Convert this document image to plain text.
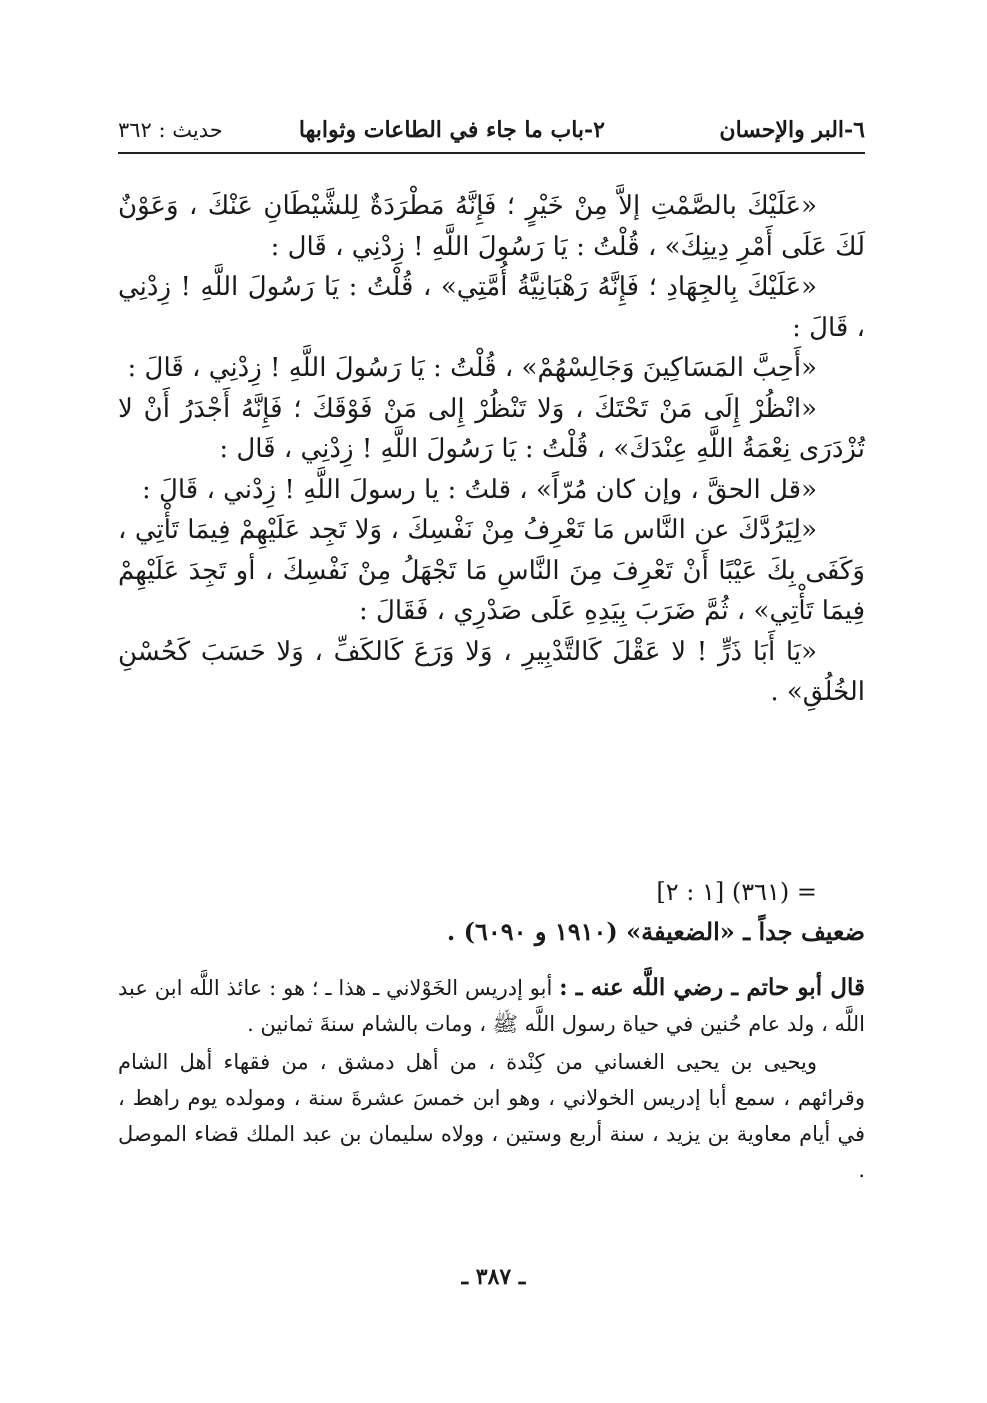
٦-البر والإحسان
٢-باب ما جاء في الطاعات وثوابها
حديث : ٣٦٢

«عَلَيْكَ بالصَّمْتِ إلاَّ مِنْ خَيْرٍ ؛ فَإِنَّهُ مَطْرَدَةٌ لِلشَّيْطَانِ عَنْكَ ، وَعَوْنٌ لَكَ عَلَى أَمْرِ دِينِكَ» ، قُلْتُ : يَا رَسُولَ اللَّهِ ! زِدْنِي ، قَال :

«عَلَيْكَ بِالجِهَادِ ؛ فَإِنَّهُ رَهْبَانِيَّةُ أُمَّتِي» ، قُلْتُ : يَا رَسُولَ اللَّهِ ! زِدْنِي ، قَالَ :

«أَحِبَّ المَسَاكِينَ وَجَالِسْهُمْ» ، قُلْتُ : يَا رَسُولَ اللَّهِ ! زِدْنِي ، قَالَ :

«انْظُرْ إِلَى مَنْ تَحْتَكَ ، وَلا تَنْظُرْ إِلى مَنْ فَوْقَكَ ؛ فَإِنَّهُ أَجْدَرُ أَنْ لا تُزْدَرَى نِعْمَةُ اللَّهِ عِنْدَكَ» ، قُلْتُ : يَا رَسُولَ اللَّهِ ! زِدْنِي ، قَال :

«قل الحقَّ ، وإن كان مُرّاً» ، قلتُ : يا رسولَ اللَّهِ ! زِدْني ، قَالَ :

«لِيَرُدَّكَ عن النَّاس مَا تَعْرِفُ مِنْ نَفْسِكَ ، وَلا تَجِد عَلَيْهِمْ فِيمَا تَأْتِي ، وَكَفَى بِكَ عَيْبًا أَنْ تَعْرِفَ مِنَ النَّاسِ مَا تَجْهَلُ مِنْ نَفْسِكَ ، أو تَجِدَ عَلَيْهِمْ فِيمَا تَأْتِي» ، ثُمَّ ضَرَبَ بِيَدِهِ عَلَى صَدْرِي ، فَقَالَ :

«يَا أَبَا ذَرٍّ ! لا عَقْلَ كَالتَّدْبِيرِ ، وَلا وَرَعَ كَالكَفِّ ، وَلا حَسَبَ كَحُسْنِ الخُلُقِ» .

= (٣٦١) [١ : ٢]

ضعيف جداً ـ «الضعيفة» (١٩١٠ و ٦٠٩٠) .

قال أبو حاتم ـ رضي اللَّه عنه ـ : أبو إدريس الخَوْلاني ـ هذا ـ ؛ هو : عائذ اللَّه ابن عبد اللَّه ، ولد عام حُنين في حياة رسول اللَّه ﷺ ، ومات بالشام سنةَ ثمانين .

ويحيى بن يحيى الغساني من كِنْدة ، من أهل دمشق ، من فقهاء أهل الشام وقرائهم ، سمع أبا إدريس الخولاني ، وهو ابن خمسَ عشرةَ سنة ، ومولده يوم راهط ، في أيام معاوية بن يزيد ، سنة أربع وستين ، وولاه سليمان بن عبد الملك قضاء الموصل .

ـ ٣٨٧ ـ
